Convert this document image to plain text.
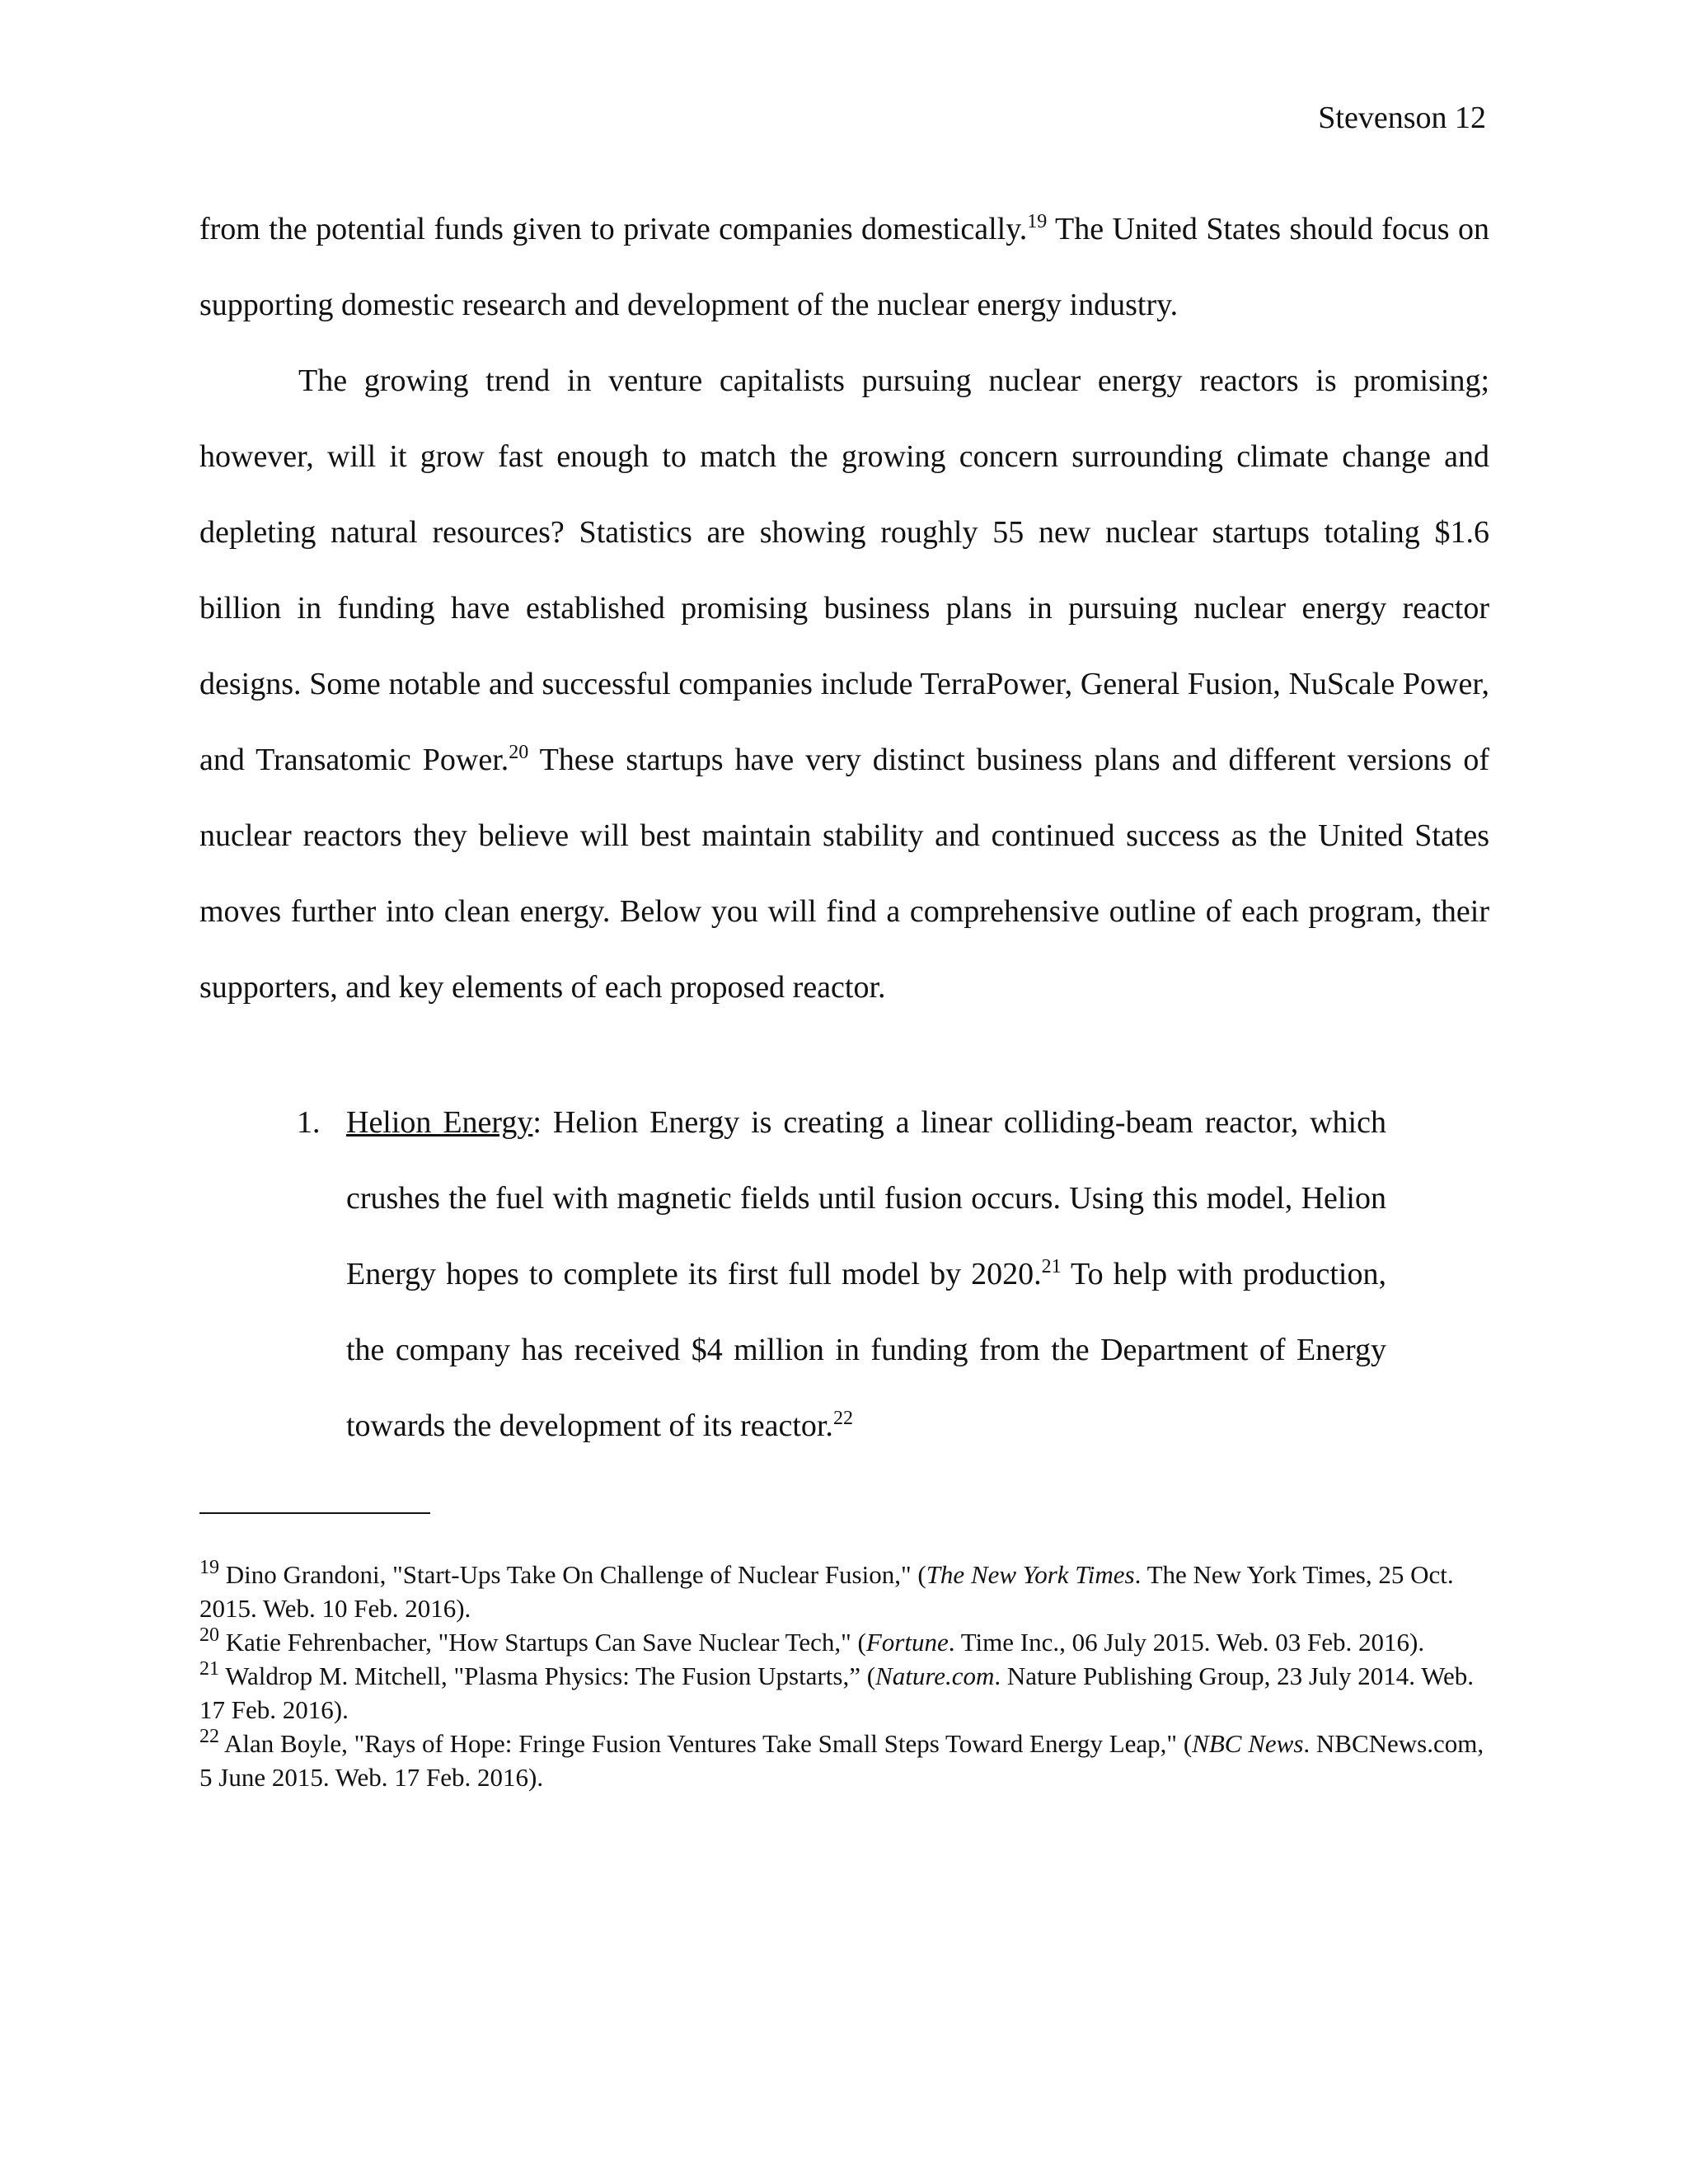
Stevenson 12

from the potential funds given to private companies domestically.$^{19}$ The United States should focus on supporting domestic research and development of the nuclear energy industry.

The growing trend in venture capitalists pursuing nuclear energy reactors is promising; however, will it grow fast enough to match the growing concern surrounding climate change and depleting natural resources? Statistics are showing roughly 55 new nuclear startups totaling $1.6 billion in funding have established promising business plans in pursuing nuclear energy reactor designs. Some notable and successful companies include TerraPower, General Fusion, NuScale Power, and Transatomic Power.$^{20}$ These startups have very distinct business plans and different versions of nuclear reactors they believe will best maintain stability and continued success as the United States moves further into clean energy. Below you will find a comprehensive outline of each program, their supporters, and key elements of each proposed reactor.

1. Helion Energy: Helion Energy is creating a linear colliding-beam reactor, which crushes the fuel with magnetic fields until fusion occurs. Using this model, Helion Energy hopes to complete its first full model by 2020.21 To help with production, the company has received $4 million in funding from the Department of Energy towards the development of its reactor.$^{22}$

$^{19}$ Dino Grandoni, "Start-Ups Take On Challenge of Nuclear Fusion," (The New York Times. The New York Times, 25 Oct. 2015. Web. 10 Feb. 2016).

$^{20}$ Katie Fehrenbacher, "How Startups Can Save Nuclear Tech," (Fortune. Time Inc., 06 July 2015. Web. 03 Feb. 2016).

$^{21}$ Waldrop M. Mitchell, "Plasma Physics: The Fusion Upstarts,” (Nature.com. Nature Publishing Group, 23 July 2014. Web. 17 Feb. 2016).

$^{22}$ Alan Boyle, "Rays of Hope: Fringe Fusion Ventures Take Small Steps Toward Energy Leap," (NBC News. NBCNews.com, 5 June 2015. Web. 17 Feb. 2016).
